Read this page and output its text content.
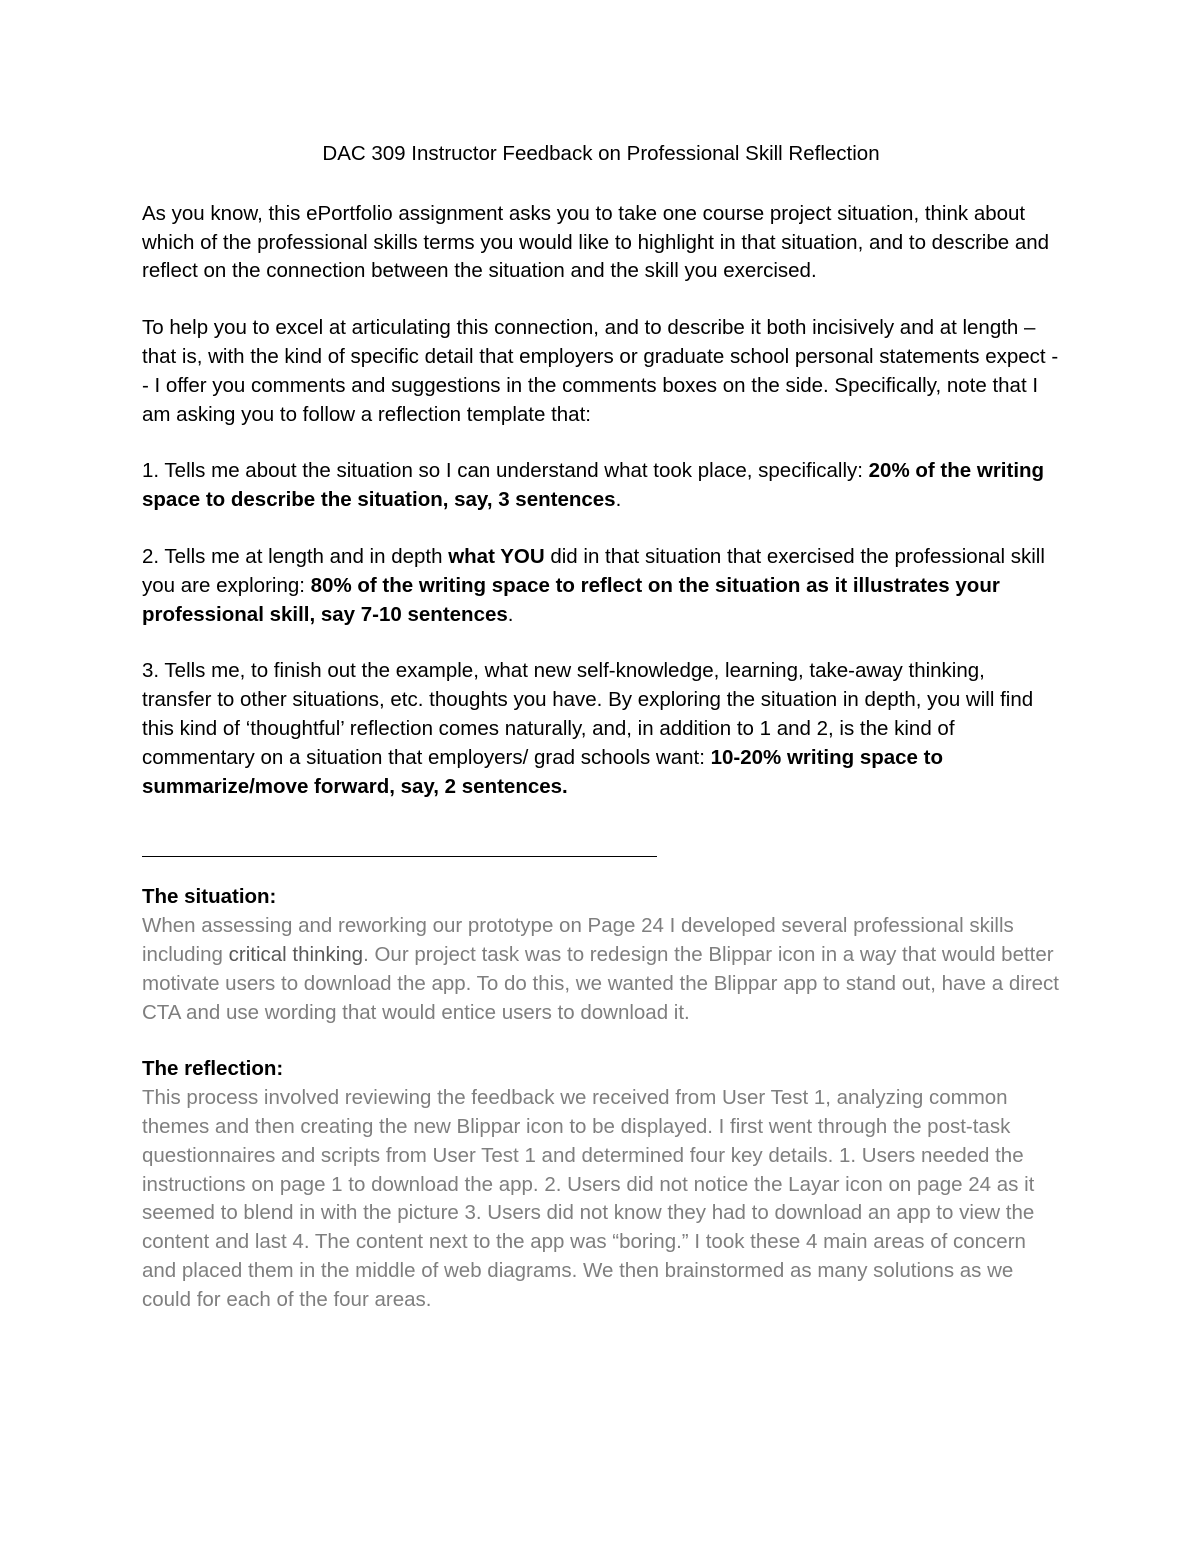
DAC 309 Instructor Feedback on Professional Skill Reflection

As you know, this ePortfolio assignment asks you to take one course project situation, think about which of the professional skills terms you would like to highlight in that situation, and to describe and reflect on the connection between the situation and the skill you exercised.

To help you to excel at articulating this connection, and to describe it both incisively and at length – that is, with the kind of specific detail that employers or graduate school personal statements expect -- I offer you comments and suggestions in the comments boxes on the side. Specifically, note that I am asking you to follow a reflection template that:

1. Tells me about the situation so I can understand what took place, specifically: 20% of the writing space to describe the situation, say, 3 sentences.

2. Tells me at length and in depth what YOU did in that situation that exercised the professional skill you are exploring: 80% of the writing space to reflect on the situation as it illustrates your professional skill, say 7-10 sentences.

3. Tells me, to finish out the example, what new self-knowledge, learning, take-away thinking, transfer to other situations, etc. thoughts you have. By exploring the situation in depth, you will find this kind of ‘thoughtful’ reflection comes naturally, and, in addition to 1 and 2, is the kind of commentary on a situation that employers/ grad schools want: 10-20% writing space to summarize/move forward, say, 2 sentences.

The situation:

When assessing and reworking our prototype on Page 24 I developed several professional skills including critical thinking. Our project task was to redesign the Blippar icon in a way that would better motivate users to download the app. To do this, we wanted the Blippar app to stand out, have a direct CTA and use wording that would entice users to download it.

The reflection:

This process involved reviewing the feedback we received from User Test 1, analyzing common themes and then creating the new Blippar icon to be displayed. I first went through the post-task questionnaires and scripts from User Test 1 and determined four key details. 1. Users needed the instructions on page 1 to download the app. 2. Users did not notice the Layar icon on page 24 as it seemed to blend in with the picture 3. Users did not know they had to download an app to view the content and last 4. The content next to the app was “boring.” I took these 4 main areas of concern and placed them in the middle of web diagrams. We then brainstormed as many solutions as we could for each of the four areas.
